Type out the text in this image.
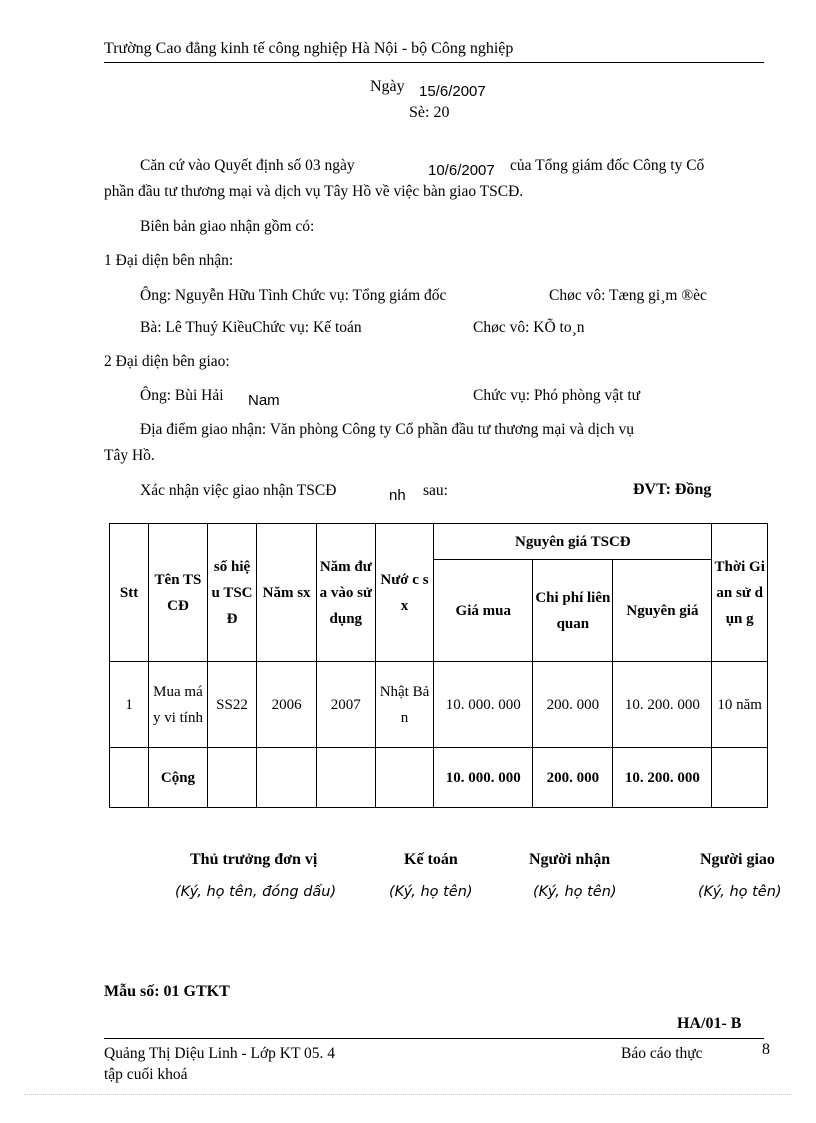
Trường Cao đẳng kinh tế công nghiệp Hà Nội - bộ Công nghiệp
Ngày 15/6/2007
Sè: 20
Căn cứ vào Quyết định số 03 ngày	10/6/2007 của Tổng giám đốc Công ty Cổ
phần đầu tư thương mại và dịch vụ Tây Hồ về việc bàn giao TSCĐ.
Biên bản giao nhận gồm có:
1 Đại diện bên nhận:
Ông: Nguyễn Hữu Tình Chức vụ: Tổng giám đốc	Chøc vô: Tæng gi¸m ®èc
Bà: Lê Thuý KiềuChức vụ: Kế toán	Chøc vô: KÕ to¸n
2 Đại diện bên giao:
Ông: Bùi Hải Nam	Chức vụ: Phó phòng vật tư
Địa điểm giao nhận: Văn phòng Công ty Cổ phần đầu tư thương mại và dịch vụ
Tây Hồ.
Xác nhận việc giao nhận TSCĐ	nh sau:	ĐVT: Đồng
Stt	Tên TSCĐ	số hiệu TSC Đ	Năm sx	Năm đưa vào sử dụng	Nướ c sx	Nguyên giá TSCĐ			Thời Gian sử dụn g
						Giá mua	Chi phí liên quan	Nguyên giá	
1	Mua máy vi tính	SS22	2006	2007	Nhật Bản	10. 000. 000	200. 000	10. 200. 000	10 năm
	Cộng					10. 000. 000	200. 000	10. 200. 000	
Thủ trưởng đơn vị	Kế toán	Người nhận	Người giao
(Ký, họ tên, đóng dấu)	(Ký, họ tên)	(Ký, họ tên)	(Ký, họ tên)
Mẫu số: 01 GTKT
HA/01- B
Quảng Thị Diệu Linh - Lớp KT 05. 4	Báo cáo thực	8
tập cuối khoá
